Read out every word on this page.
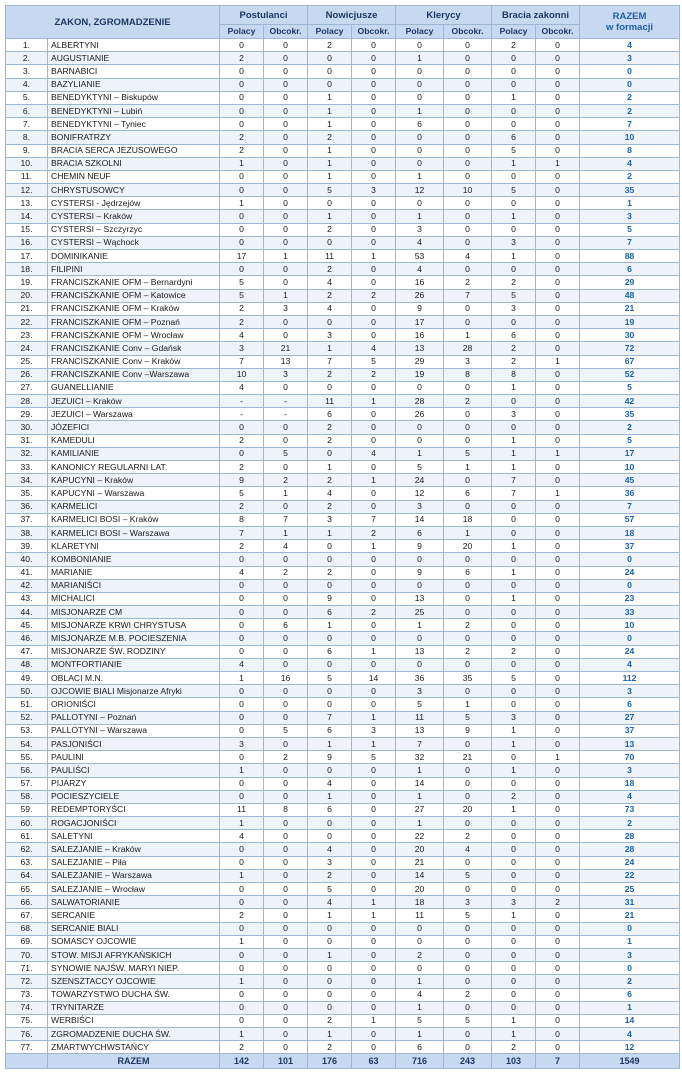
ZAKON, ZGROMADZENIE		Postulanci		Nowicjusze		Klerycy		Bracia zakonni		RAZEM
w formacji

		Polacy	Obcokr.	Polacy	Obcokr.	Polacy	Obcokr.	Polacy	Obcokr.	
1.	ALBERTYNI	0	0	2	0	0	0	2	0	4
2.	AUGUSTIANIE	2	0	0	0	1	0	0	0	3
3.	BARNABICI	0	0	0	0	0	0	0	0	0
4.	BAZYLIANIE	0	0	0	0	0	0	0	0	0
5.	BENEDYKTYNI – Biskupów	0	0	1	0	0	0	1	0	2
6.	BENEDYKTYNI – Lubiń	0	0	1	0	1	0	0	0	2
7.	BENEDYKTYNI – Tyniec	0	0	1	0	6	0	0	0	7
8.	BONIFRATRZY	2	0	2	0	0	0	6	0	10
9.	BRACIA SERCA JEZUSOWEGO	2	0	1	0	0	0	5	0	8
10.	BRACIA SZKOLNI	1	0	1	0	0	0	1	1	4
11.	CHEMIN NEUF	0	0	1	0	1	0	0	0	2
12.	CHRYSTUSOWCY	0	0	5	3	12	10	5	0	35
13.	CYSTERSI - Jędrzejów	1	0	0	0	0	0	0	0	1
14.	CYSTERSI – Kraków	0	0	1	0	1	0	1	0	3
15.	CYSTERSI – Szczyrzyc	0	0	2	0	3	0	0	0	5
16.	CYSTERSI – Wąchock	0	0	0	0	4	0	3	0	7
17.	DOMINIKANIE	17	1	11	1	53	4	1	0	88
18.	FILIPINI	0	0	2	0	4	0	0	0	6
19.	FRANCISZKANIE OFM – Bernardyni	5	0	4	0	16	2	2	0	29
20.	FRANCISZKANIE OFM – Katowice	5	1	2	2	26	7	5	0	48
21.	FRANCISZKANIE OFM – Kraków	2	3	4	0	9	0	3	0	21
22.	FRANCISZKANIE OFM – Poznań	2	0	0	0	17	0	0	0	19
23.	FRANCISZKANIE OFM – Wrocław	4	0	3	0	16	1	6	0	30
24.	FRANCISZKANIE Conv – Gdańsk	3	21	1	4	13	28	2	0	72
25.	FRANCISZKANIE Conv – Kraków	7	13	7	5	29	3	2	1	67
26.	FRANCISZKANIE Conv –Warszawa	10	3	2	2	19	8	8	0	52
27.	GUANELLIANIE	4	0	0	0	0	0	1	0	5
28.	JEZUICI – Kraków	-	-	11	1	28	2	0	0	42
29.	JEZUICI – Warszawa	-	-	6	0	26	0	3	0	35
30.	JÓZEFICI	0	0	2	0	0	0	0	0	2
31.	KAMEDULI	2	0	2	0	0	0	1	0	5
32.	KAMILIANIE	0	5	0	4	1	5	1	1	17
33.	KANONICY REGULARNI LAT.	2	0	1	0	5	1	1	0	10
34.	KAPUCYNI – Kraków	9	2	2	1	24	0	7	0	45
35.	KAPUCYNI – Warszawa	5	1	4	0	12	6	7	1	36
36.	KARMELICI	2	0	2	0	3	0	0	0	7
37.	KARMELICI BOSI – Kraków	8	7	3	7	14	18	0	0	57
38.	KARMELICI BOSI – Warszawa	7	1	1	2	6	1	0	0	18
39.	KLARETYNI	2	4	0	1	9	20	1	0	37
40.	KOMBONIANIE	0	0	0	0	0	0	0	0	0
41.	MARIANIE	4	2	2	0	9	6	1	0	24
42.	MARIANIŚCI	0	0	0	0	0	0	0	0	0
43.	MICHALICI	0	0	9	0	13	0	1	0	23
44.	MISJONARZE CM	0	0	6	2	25	0	0	0	33
45.	MISJONARZE KRWI CHRYSTUSA	0	6	1	0	1	2	0	0	10
46.	MISJONARZE M.B. POCIESZENIA	0	0	0	0	0	0	0	0	0
47.	MISJONARZE ŚW. RODZINY	0	0	6	1	13	2	2	0	24
48.	MONTFORTIANIE	4	0	0	0	0	0	0	0	4
49.	OBLACI M.N.	1	16	5	14	36	35	5	0	112
50.	OJCOWIE BIALI Misjonarze Afryki	0	0	0	0	3	0	0	0	3
51.	ORIONIŚCI	0	0	0	0	5	1	0	0	6
52.	PALLOTYNI – Poznań	0	0	7	1	11	5	3	0	27
53.	PALLOTYNI – Warszawa	0	5	6	3	13	9	1	0	37
54.	PASJONIŚCI	3	0	1	1	7	0	1	0	13
55.	PAULINI	0	2	9	5	32	21	0	1	70
56.	PAULIŚCI	1	0	0	0	1	0	1	0	3
57.	PIJARZY	0	0	4	0	14	0	0	0	18
58.	POCIESZYCIELE	0	0	1	0	1	0	2	0	4
59.	REDEMPTORYŚCI	11	8	6	0	27	20	1	0	73
60.	ROGACJONIŚCI	1	0	0	0	1	0	0	0	2
61.	SALETYNI	4	0	0	0	22	2	0	0	28
62.	SALEZJANIE – Kraków	0	0	4	0	20	4	0	0	28
63.	SALEZJANIE – Piła	0	0	3	0	21	0	0	0	24
64.	SALEZJANIE – Warszawa	1	0	2	0	14	5	0	0	22
65.	SALEZJANIE – Wrocław	0	0	5	0	20	0	0	0	25
66.	SALWATORIANIE	0	0	4	1	18	3	3	2	31
67.	SERCANIE	2	0	1	1	11	5	1	0	21
68.	SERCANIE BIALI	0	0	0	0	0	0	0	0	0
69.	SOMASCY OJCOWIE	1	0	0	0	0	0	0	0	1
70.	STOW. MISJI AFRYKAŃSKICH	0	0	1	0	2	0	0	0	3
71.	SYNOWIE NAJŚW. MARYI NIEP.	0	0	0	0	0	0	0	0	0
72.	SZENSZTACCY OJCOWIE	1	0	0	0	1	0	0	0	2
73.	TOWARZYSTWO DUCHA ŚW.	0	0	0	0	4	2	0	0	6
74.	TRYNITARZE	0	0	0	0	1	0	0	0	1
75.	WERBIŚCI	0	0	2	1	5	5	1	0	14
76.	ZGROMADZENIE DUCHA ŚW.	1	0	1	0	1	0	1	0	4
77.	ZMARTWYCHWSTAŃCY	2	0	2	0	6	0	2	0	12
	RAZEM	142	101	176	63	716	243	103	7	1549
